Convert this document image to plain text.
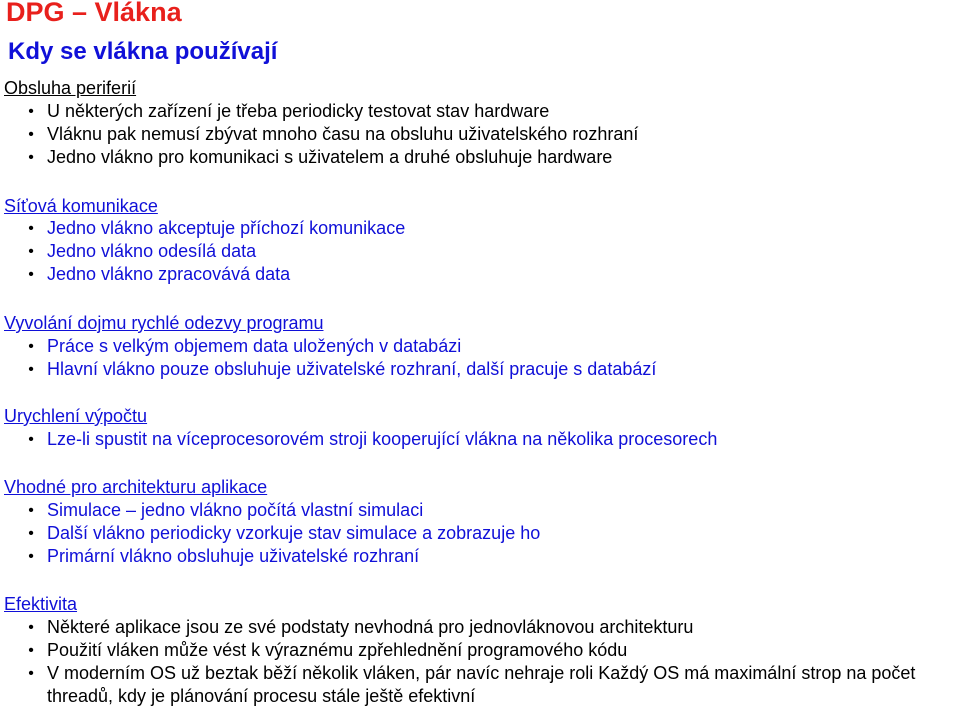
DPG – Vlákna
Kdy se vlákna používají
Obsluha periferií
• U některých zařízení je třeba periodicky testovat stav hardware
• Vláknu pak nemusí zbývat mnoho času na obsluhu uživatelského rozhraní
• Jedno vlákno pro komunikaci s uživatelem a druhé obsluhuje hardware
Síťová komunikace
• Jedno vlákno akceptuje příchozí komunikace
• Jedno vlákno odesílá data
• Jedno vlákno zpracovává data
Vyvolání dojmu rychlé odezvy programu
• Práce s velkým objemem data uložených v databázi
• Hlavní vlákno pouze obsluhuje uživatelské rozhraní, další pracuje s databází
Urychlení výpočtu
• Lze-li spustit na víceprocesorovém stroji kooperující vlákna na několika procesorech
Vhodné pro architekturu aplikace
• Simulace – jedno vlákno počítá vlastní simulaci
• Další vlákno periodicky vzorkuje stav simulace a zobrazuje ho
• Primární vlákno obsluhuje uživatelské rozhraní
Efektivita
• Některé aplikace jsou ze své podstaty nevhodná pro jednovláknovou architekturu
• Použití vláken může vést k výraznému zpřehlednění programového kódu
• V moderním OS už beztak běží několik vláken, pár navíc nehraje roli Každý OS má maximální strop na počet threadů, kdy je plánování procesu stále ještě efektivní
